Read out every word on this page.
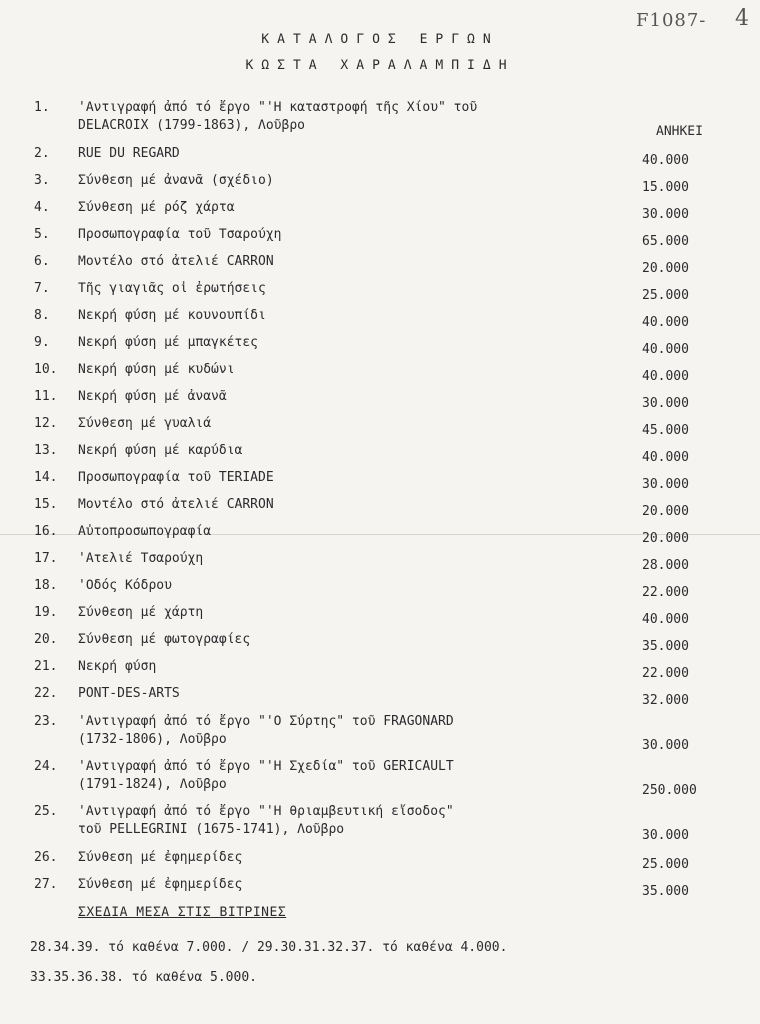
F1087- 4
ΚΑΤΑΛΟΓΟΣ ΕΡΓΩΝ
ΚΩΣΤΑ ΧΑΡΑΛΑΜΠΙΔΗ
ΑΝΗΚΕΙ
1. 'Αντιγραφή ἀπό τό ἔργο "'Η καταστροφή τῆς Χίου" τοῦ
DELACROIX (1799-1863), Λοῦβρο
2. RUE DU REGARD	40.000
3. Σύνθεση μέ ἀνανᾶ (σχέδιο)	15.000
4. Σύνθεση μέ ρόζ χάρτα	30.000
5. Προσωπογραφία τοῦ Τσαρούχη	65.000
6. Μοντέλο στό ἀτελιέ CARRON	20.000
7. Τῆς γιαγιᾶς οἱ ἐρωτήσεις	25.000
8. Νεκρή φύση μέ κουνουπίδι	40.000
9. Νεκρή φύση μέ μπαγκέτες	40.000
10. Νεκρή φύση μέ κυδώνι	40.000
11. Νεκρή φύση μέ ἀνανᾶ	30.000
12. Σύνθεση μέ γυαλιά	45.000
13. Νεκρή φύση μέ καρύδια	40.000
14. Προσωπογραφία τοῦ TERIADE	30.000
15. Μοντέλο στό ἀτελιέ CARRON	20.000
16. Αὐτοπροσωπογραφία	20.000
17. 'Ατελιέ Τσαρούχη	28.000
18. 'Οδός Κόδρου	22.000
19. Σύνθεση μέ χάρτη	40.000
20. Σύνθεση μέ φωτογραφίες	35.000
21. Νεκρή φύση	22.000
22. PONT-DES-ARTS	32.000
23. 'Αντιγραφή ἀπό τό ἔργο "'Ο Σύρτης" τοῦ FRAGONARD
(1732-1806), Λοῦβρο	30.000
24. 'Αντιγραφή ἀπό τό ἔργο "'Η Σχεδία" τοῦ GERICAULT
(1791-1824), Λοῦβρο	250.000
25. 'Αντιγραφή ἀπό τό ἔργο "'Η θριαμβευτική εἴσοδος"
τοῦ PELLEGRINI (1675-1741), Λοῦβρο	30.000
26. Σύνθεση μέ ἐφημερίδες	25.000
27. Σύνθεση μέ ἐφημερίδες	35.000
ΣΧΕΔΙΑ ΜΕΣΑ ΣΤΙΣ ΒΙΤΡΙΝΕΣ
28.34.39. τό καθένα 7.000. / 29.30.31.32.37. τό καθένα 4.000.
33.35.36.38. τό καθένα 5.000.
